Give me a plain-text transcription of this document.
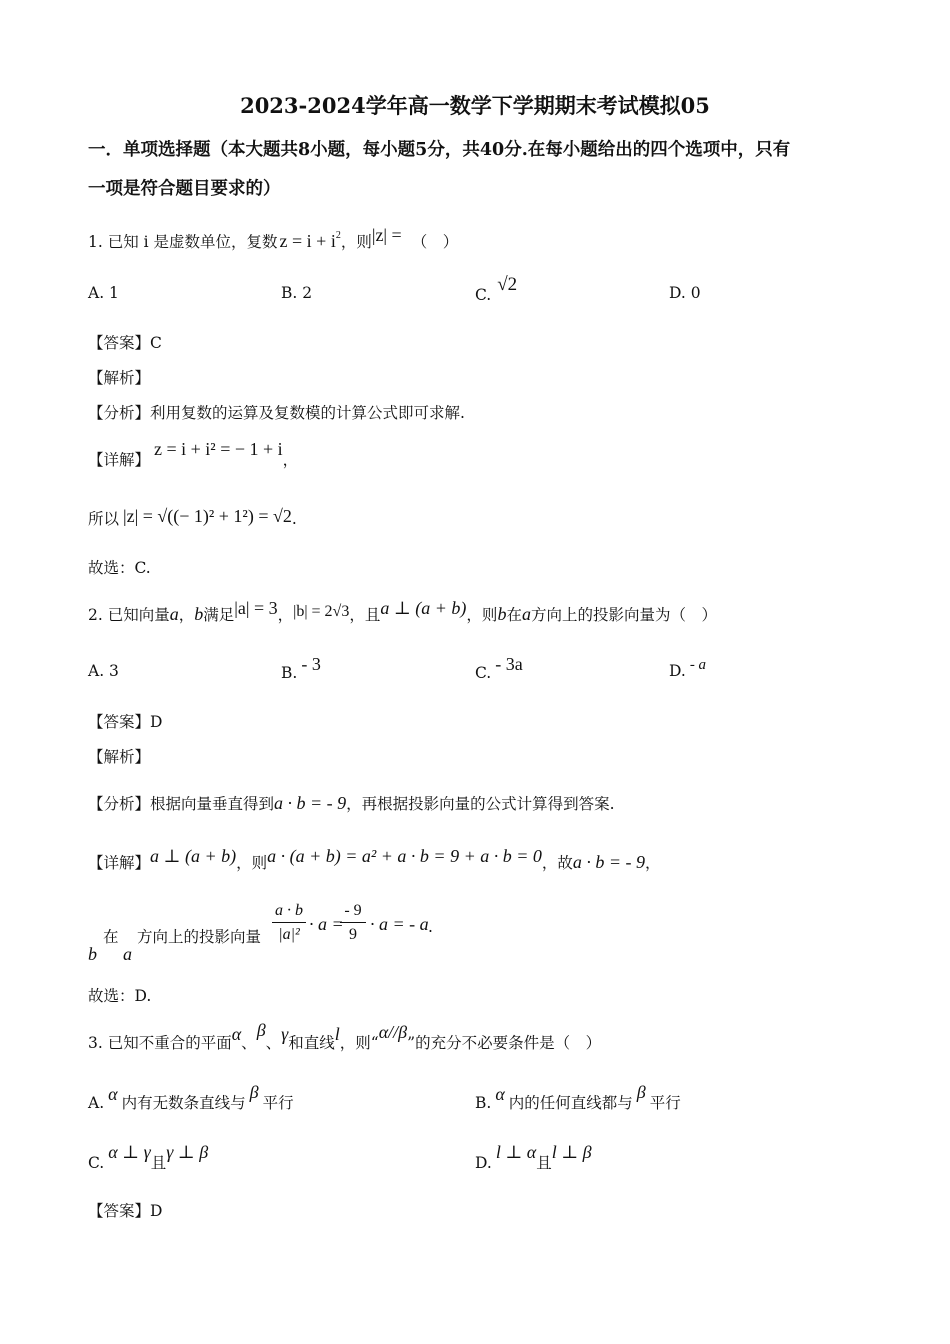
2023-2024学年高一数学下学期期末考试模拟05
一．单项选择题（本大题共8小题，每小题5分，共40分.在每小题给出的四个选项中，只有
一项是符合题目要求的）
1. 已知 i 是虚数单位，复数 $z = i + i^2$，则|z| = （　）
A. 1	B. 2	C. √2	D. 0
【答案】C
【解析】
【分析】利用复数的运算及复数模的计算公式即可求解.
【详解】z = i + i² = − 1 + i，
所以 |z| = √((− 1)² + 1²) = √2.
故选：C.
2. 已知向量a，b满足|a| = 3，|b| = 2√3，且a ⊥ (a + b)，则b在a方向上的投影向量为（　）
A. 3	B. - 3	C. - 3a	D. - a
【答案】D
【解析】
【分析】根据向量垂直得到a · b = - 9，再根据投影向量的公式计算得到答案.
【详解】a ⊥ (a + b)，则a · (a + b) = a² + a · b = 9 + a · b = 0，故a · b = - 9，
在
b a
方向上的投影向量
a · b
|a|²
· a =
- 9
9
· a = - a .
故选：D.
3. 已知不重合的平面α、β、γ和直线l，则“α//β”的充分不必要条件是（　）
A. α 内有无数条直线与β平行	B. α 内的任何直线都与β平行
C.α ⊥ γ且γ ⊥ β
D.l ⊥ α且l ⊥ β
【答案】D
